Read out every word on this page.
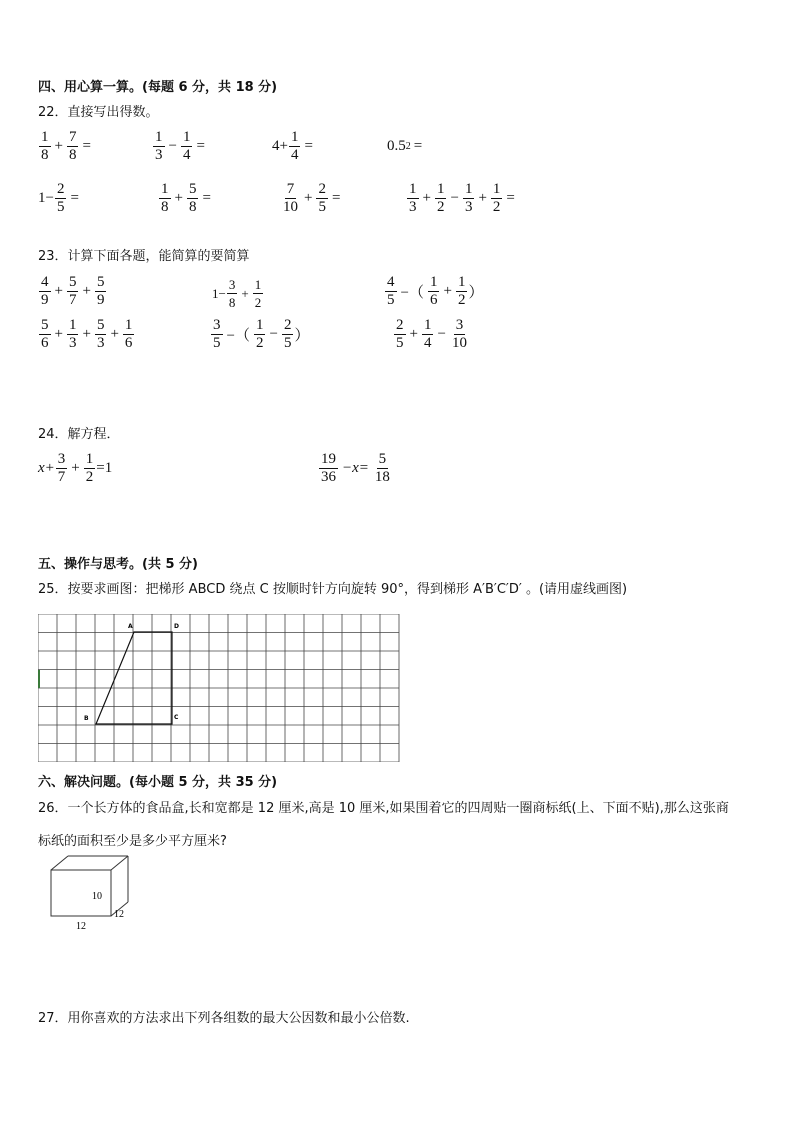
四、用心算一算。(每题 6 分，共 18 分)
22．直接写出得数。
$\frac{1}{8} + \frac{7}{8}$ =	$\frac{1}{3} - \frac{1}{4}$ =	$4+ \frac{1}{4}$ =	0.5 2 =
$1- \frac{2}{5}$ =	$\frac{1}{8} + \frac{5}{8}$ =	$\frac{7}{10} + \frac{2}{5}$ =	$\frac{1}{3} + \frac{1}{2} - \frac{1}{3} + \frac{1}{2}$ =
23．计算下面各题，能简算的要简算
$\frac{4}{9} + \frac{5}{7} + \frac{5}{9}$	$1- \frac{3}{8} + \frac{1}{2}$	$\frac{4}{5}$ −（ $\frac{1}{6} + \frac{1}{2}$ ）
$\frac{5}{6} + \frac{1}{3} + \frac{5}{3} + \frac{1}{6}$	$\frac{3}{5}$ −（ $\frac{1}{2} - \frac{2}{5}$ ）	$\frac{2}{5} + \frac{1}{4} - \frac{3}{10}$
24．解方程．
$x+ \frac{3}{7} + \frac{1}{2} =1$	$\frac{19}{36} -x= \frac{5}{18}$
五、操作与思考。(共 5 分)
25．按要求画图：把梯形 ABCD 绕点 C 按顺时针方向旋转 90°，得到梯形 A′B′C′D′ 。(请用虚线画图)
A	D
B	C
六、解决问题。(每小题 5 分，共 35 分)
26．一个长方体的食品盒,长和宽都是 12 厘米,高是 10 厘米,如果围着它的四周贴一圈商标纸(上、下面不贴),那么这张商
标纸的面积至少是多少平方厘米?
10
12
12
27．用你喜欢的方法求出下列各组数的最大公因数和最小公倍数.
